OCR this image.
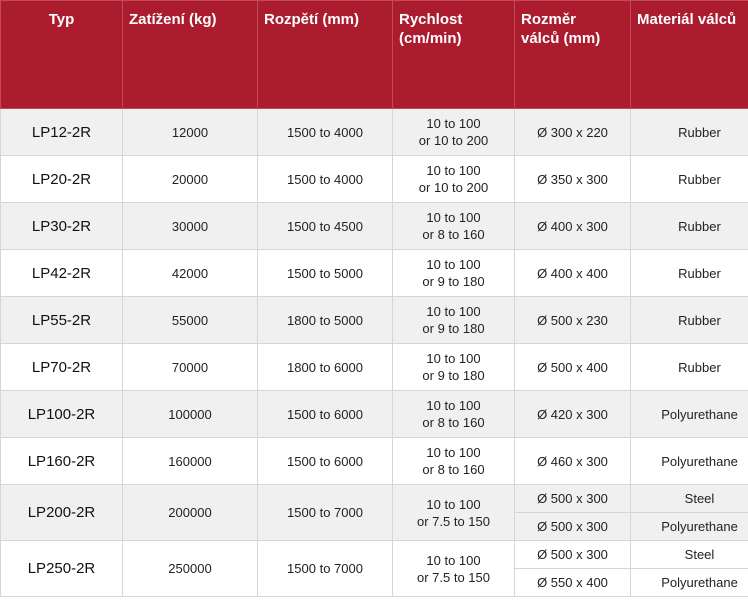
Typ	Zatížení (kg)	Rozpětí (mm)	Rychlost
(cm/min)	Rozměr
válců (mm)	Materiál válců
LP12-2R	12000	1500 to 4000	10 to 100
or 10 to 200	Ø 300 x 220	Rubber
LP20-2R	20000	1500 to 4000	10 to 100
or 10 to 200	Ø 350 x 300	Rubber
LP30-2R	30000	1500 to 4500	10 to 100
or 8 to 160	Ø 400 x 300	Rubber
LP42-2R	42000	1500 to 5000	10 to 100
or 9 to 180	Ø 400 x 400	Rubber
LP55-2R	55000	1800 to 5000	10 to 100
or 9 to 180	Ø 500 x 230	Rubber
LP70-2R	70000	1800 to 6000	10 to 100
or 9 to 180	Ø 500 x 400	Rubber
LP100-2R	100000	1500 to 6000	10 to 100
or 8 to 160	Ø 420 x 300	Polyurethane
LP160-2R	160000	1500 to 6000	10 to 100
or 8 to 160	Ø 460 x 300	Polyurethane
LP200-2R	200000	1500 to 7000	10 to 100
or 7.5 to 150	Ø 500 x 300	Steel
				Ø 500 x 300	Polyurethane
LP250-2R	250000	1500 to 7000	10 to 100
or 7.5 to 150	Ø 500 x 300	Steel
				Ø 550 x 400	Polyurethane
